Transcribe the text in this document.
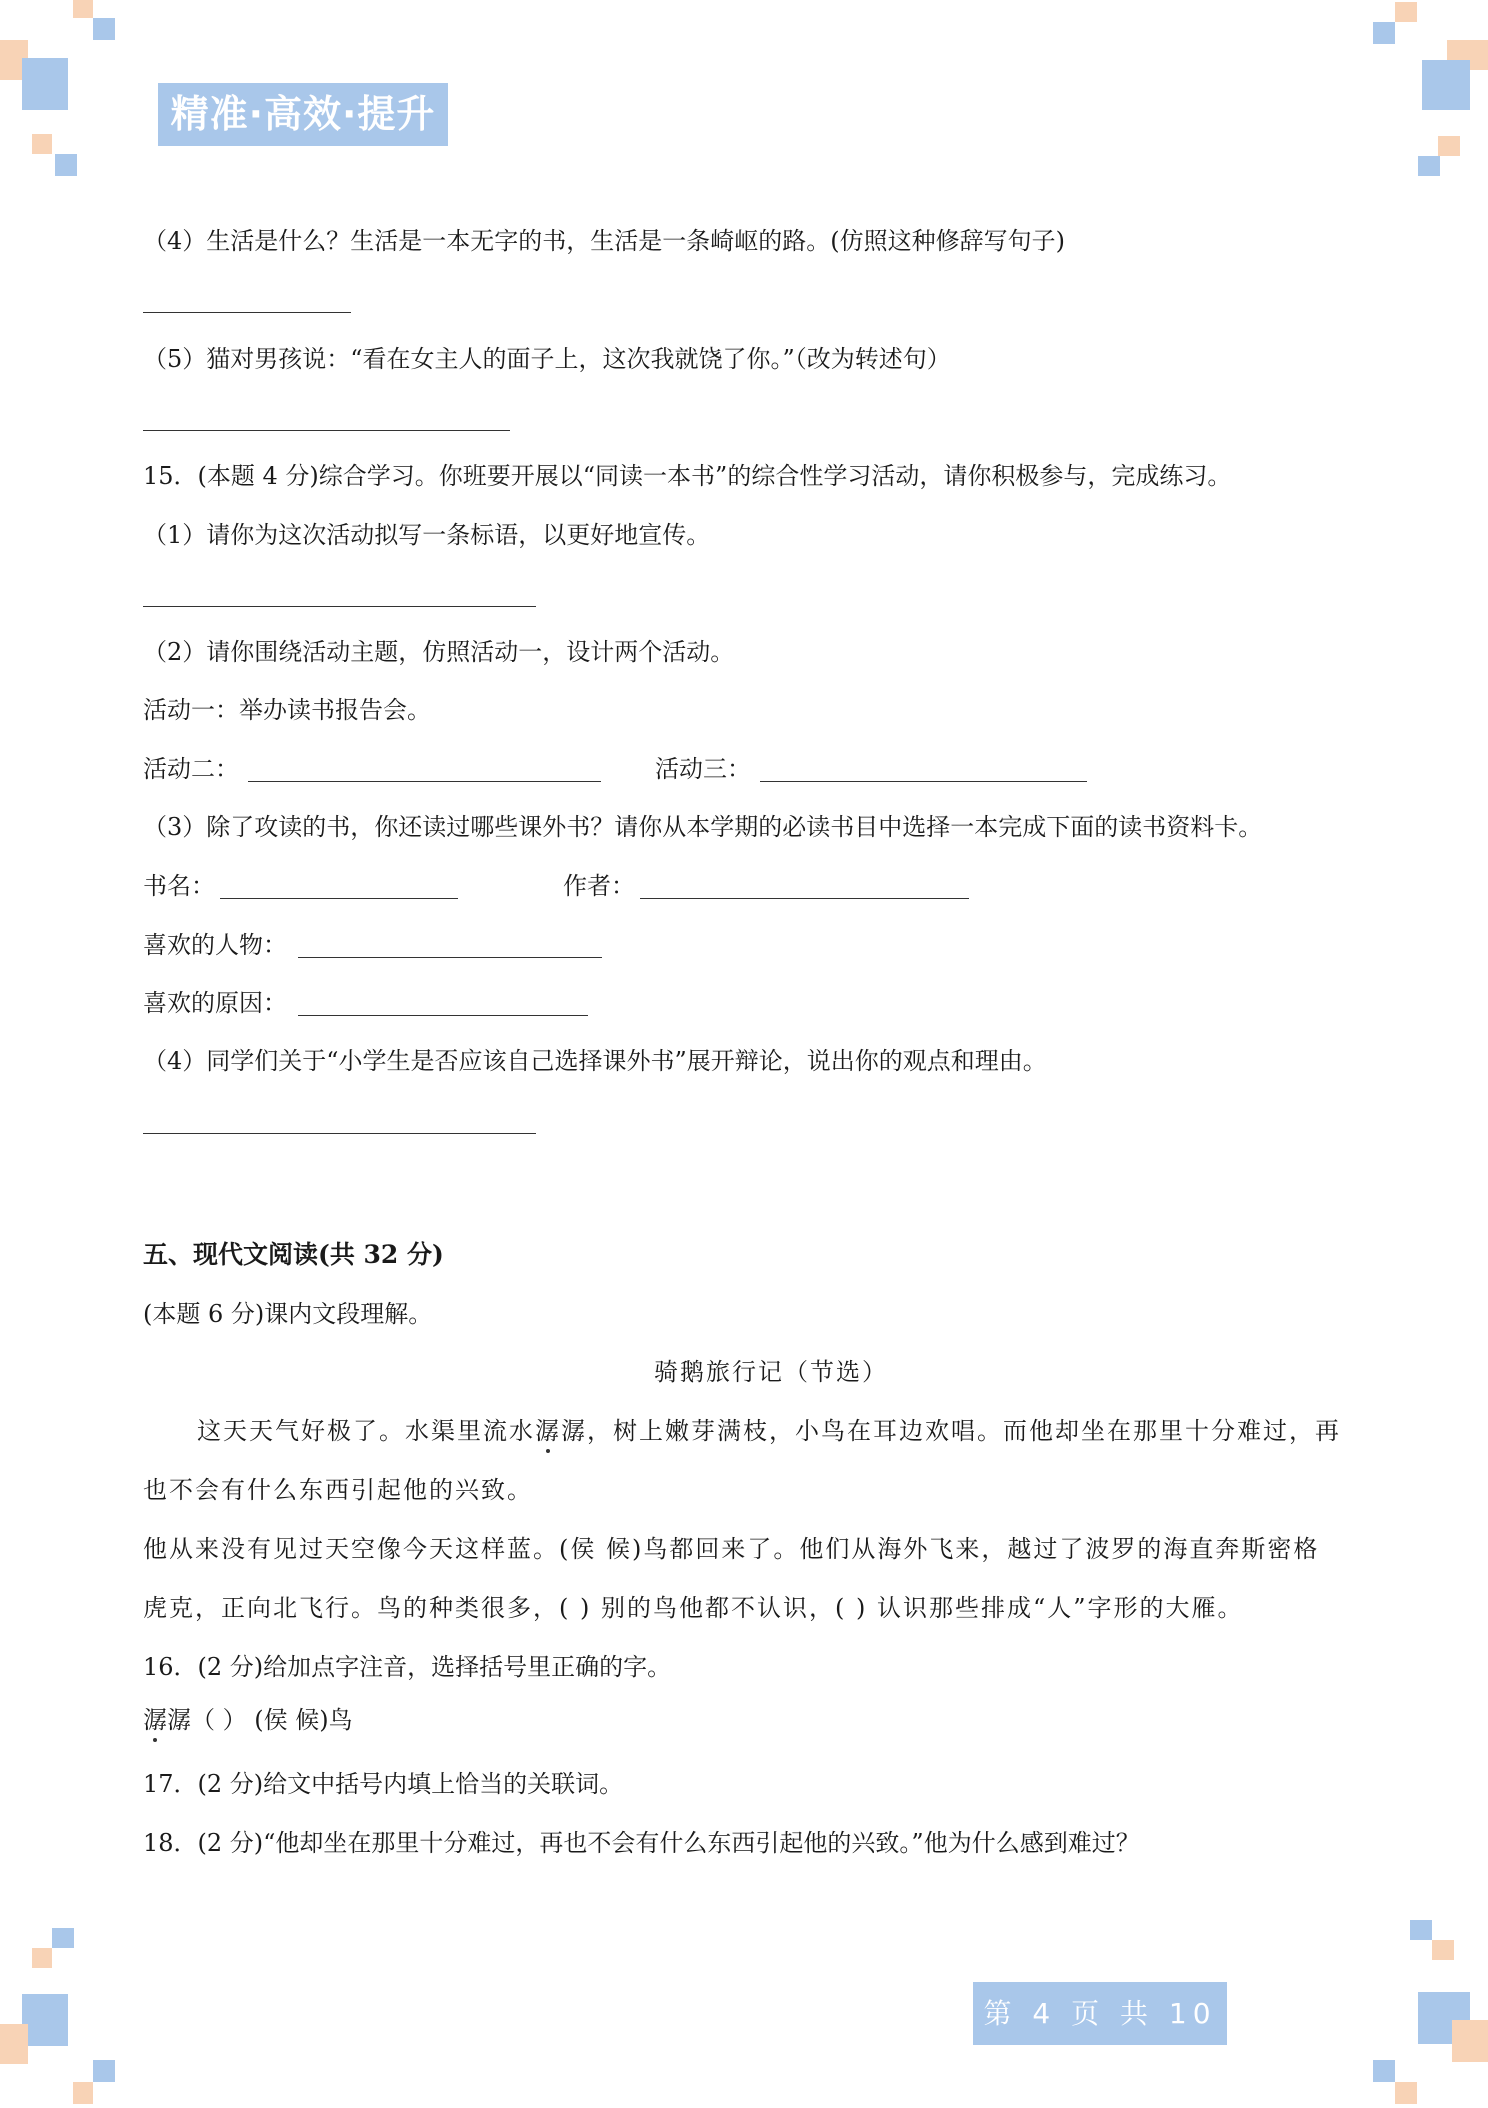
精准·高效·提升
（4）生活是什么？生活是一本无字的书，生活是一条崎岖的路。(仿照这种修辞写句子)
（5）猫对男孩说：“看在女主人的面子上，这次我就饶了你。”（改为转述句）
15．(本题 4 分)综合学习。你班要开展以“同读一本书”的综合性学习活动，请你积极参与，完成练习。
（1）请你为这次活动拟写一条标语，以更好地宣传。
（2）请你围绕活动主题，仿照活动一，设计两个活动。
活动一：举办读书报告会。
活动二：	活动三：
（3）除了攻读的书，你还读过哪些课外书？请你从本学期的必读书目中选择一本完成下面的读书资料卡。
书名：	作者：
喜欢的人物：
喜欢的原因：
（4）同学们关于“小学生是否应该自己选择课外书”展开辩论，说出你的观点和理由。
五、现代文阅读(共 32 分)
(本题 6 分)课内文段理解。
骑鹅旅行记（节选）
这天天气好极了。水渠里流水潺潺，树上嫩芽满枝，小鸟在耳边欢唱。而他却坐在那里十分难过，再
也不会有什么东西引起他的兴致。
他从来没有见过天空像今天这样蓝。(侯 候)鸟都回来了。他们从海外飞来，越过了波罗的海直奔斯密格
虎克，正向北飞行。鸟的种类很多，( ) 别的鸟他都不认识，( ) 认识那些排成“人”字形的大雁。
16．(2 分)给加点字注音，选择括号里正确的字。
潺潺（ ） (侯 候)鸟
17．(2 分)给文中括号内填上恰当的关联词。
18．(2 分)“他却坐在那里十分难过，再也不会有什么东西引起他的兴致。”他为什么感到难过？
第 4 页 共 10 页
